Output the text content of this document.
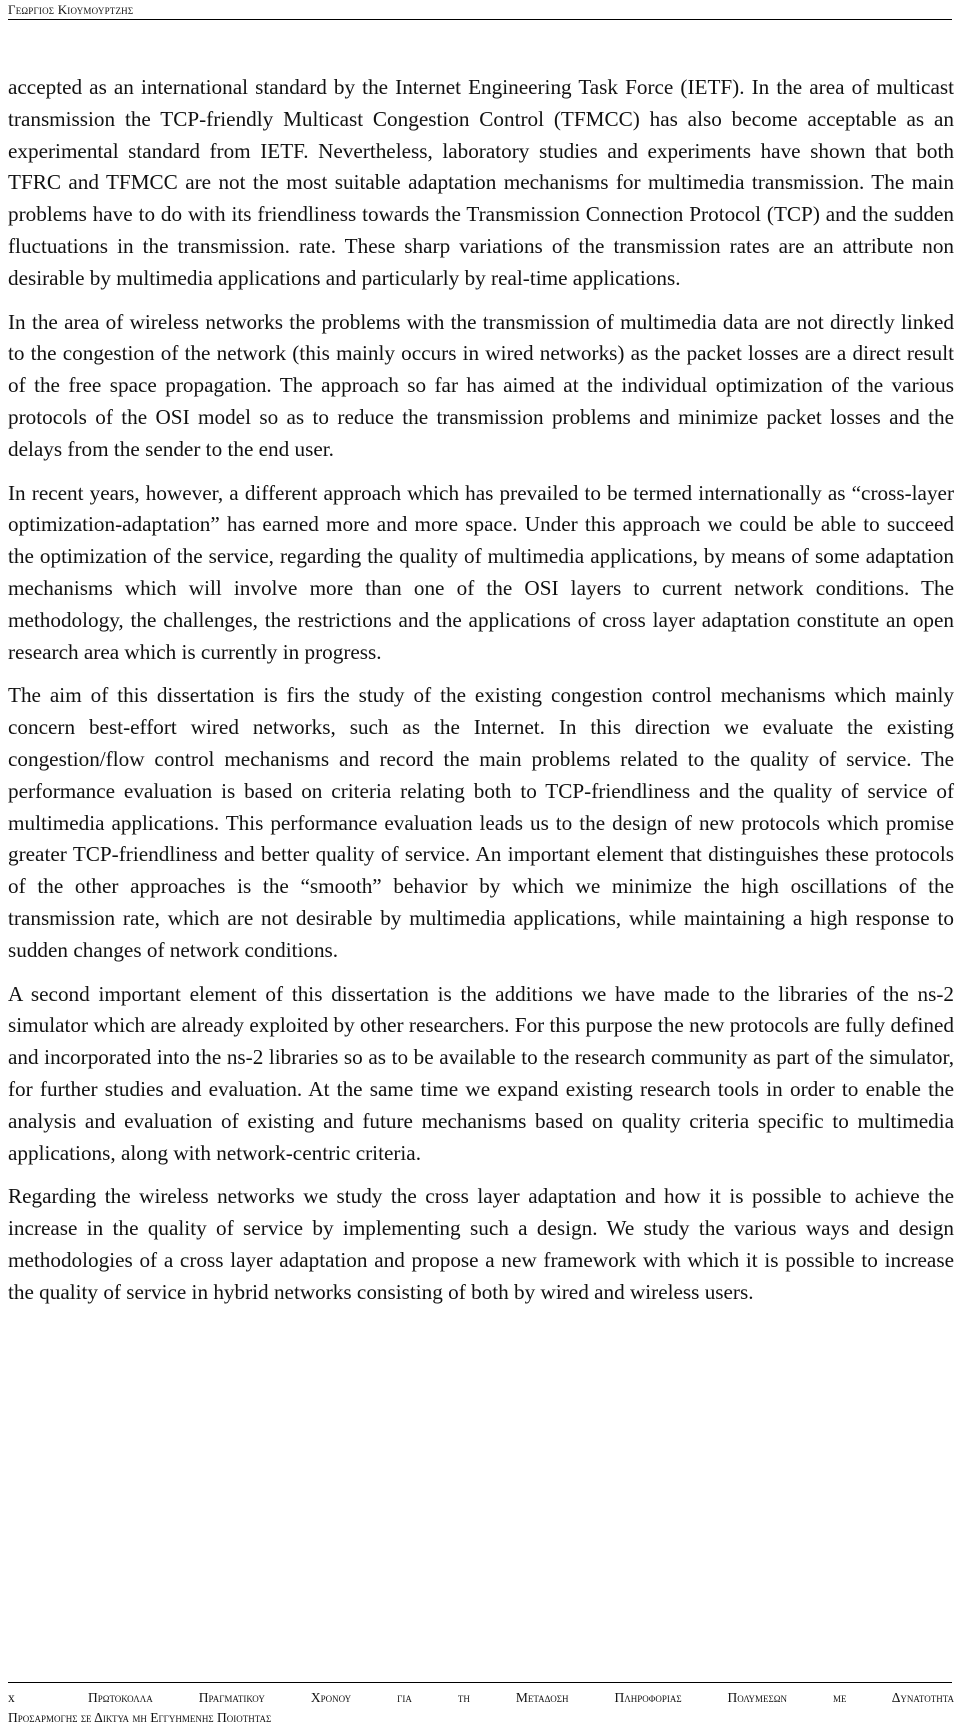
Γεωργιοσ Κιουμουρτζησ

accepted as an international standard by the Internet Engineering Task Force (IETF). In the area of multicast transmission the TCP-friendly Multicast Congestion Control (TFMCC) has also become acceptable as an experimental standard from IETF. Nevertheless, laboratory studies and experiments have shown that both TFRC and TFMCC are not the most suitable adaptation mechanisms for multimedia transmission. The main problems have to do with its friendliness towards the Transmission Connection Protocol (TCP) and the sudden fluctuations in the transmission. rate. These sharp variations of the transmission rates are an attribute non desirable by multimedia applications and particularly by real-time applications.

In the area of wireless networks the problems with the transmission of multimedia data are not directly linked to the congestion of the network (this mainly occurs in wired networks) as the packet losses are a direct result of the free space propagation. The approach so far has aimed at the individual optimization of the various protocols of the OSI model so as to reduce the transmission problems and minimize packet losses and the delays from the sender to the end user.

In recent years, however, a different approach which has prevailed to be termed internationally as “cross-layer optimization-adaptation” has earned more and more space. Under this approach we could be able to succeed the optimization of the service, regarding the quality of multimedia applications, by means of some adaptation mechanisms which will involve more than one of the OSI layers to current network conditions. The methodology, the challenges, the restrictions and the applications of cross layer adaptation constitute an open research area which is currently in progress.

The aim of this dissertation is firs the study of the existing congestion control mechanisms which mainly concern best-effort wired networks, such as the Internet. In this direction we evaluate the existing congestion/flow control mechanisms and record the main problems related to the quality of service. The performance evaluation is based on criteria relating both to TCP-friendliness and the quality of service of multimedia applications. This performance evaluation leads us to the design of new protocols which promise greater TCP-friendliness and better quality of service. An important element that distinguishes these protocols of the other approaches is the “smooth” behavior by which we minimize the high oscillations of the transmission rate, which are not desirable by multimedia applications, while maintaining a high response to sudden changes of network conditions.

A second important element of this dissertation is the additions we have made to the libraries of the ns-2 simulator which are already exploited by other researchers. For this purpose the new protocols are fully defined and incorporated into the ns-2 libraries so as to be available to the research community as part of the simulator, for further studies and evaluation. At the same time we expand existing research tools in order to enable the analysis and evaluation of existing and future mechanisms based on quality criteria specific to multimedia applications, along with network-centric criteria.

Regarding the wireless networks we study the cross layer adaptation and how it is possible to achieve the increase in the quality of service by implementing such a design. We study the various ways and design methodologies of a cross layer adaptation and propose a new framework with which it is possible to increase the quality of service in hybrid networks consisting of both by wired and wireless users.

x	Πρωτοκολλα Πραγματικου Χρονου για τη Μεταδοση Πληροφοριασ Πολυμεσων με Δυνατοτητα
Προσαρμογησ σε Δικτυα μη Εγγυημενησ Ποιοτητασ
